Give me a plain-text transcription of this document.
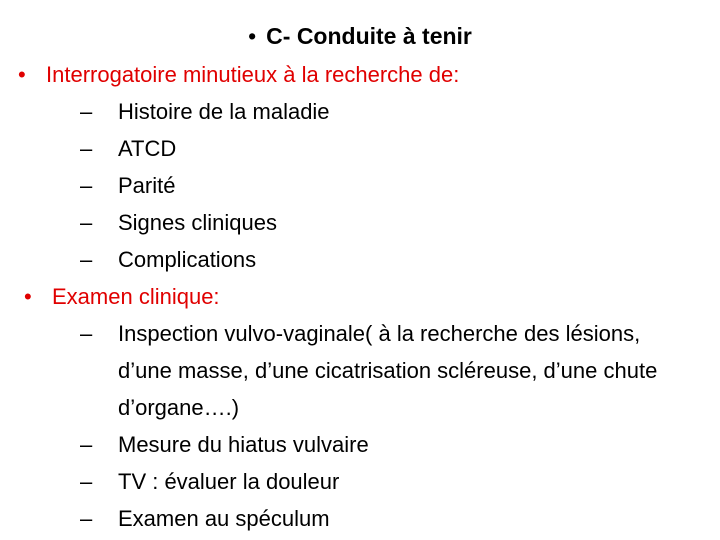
• C- Conduite à tenir
• Interrogatoire minutieux à la recherche de:
– Histoire de la maladie
– ATCD
– Parité
– Signes cliniques
– Complications
• Examen clinique:
– Inspection vulvo-vaginale( à la recherche des lésions, d’une masse, d’une cicatrisation scléreuse, d’une chute d’organe….)
– Mesure du hiatus vulvaire
– TV : évaluer la douleur
– Examen au spéculum
